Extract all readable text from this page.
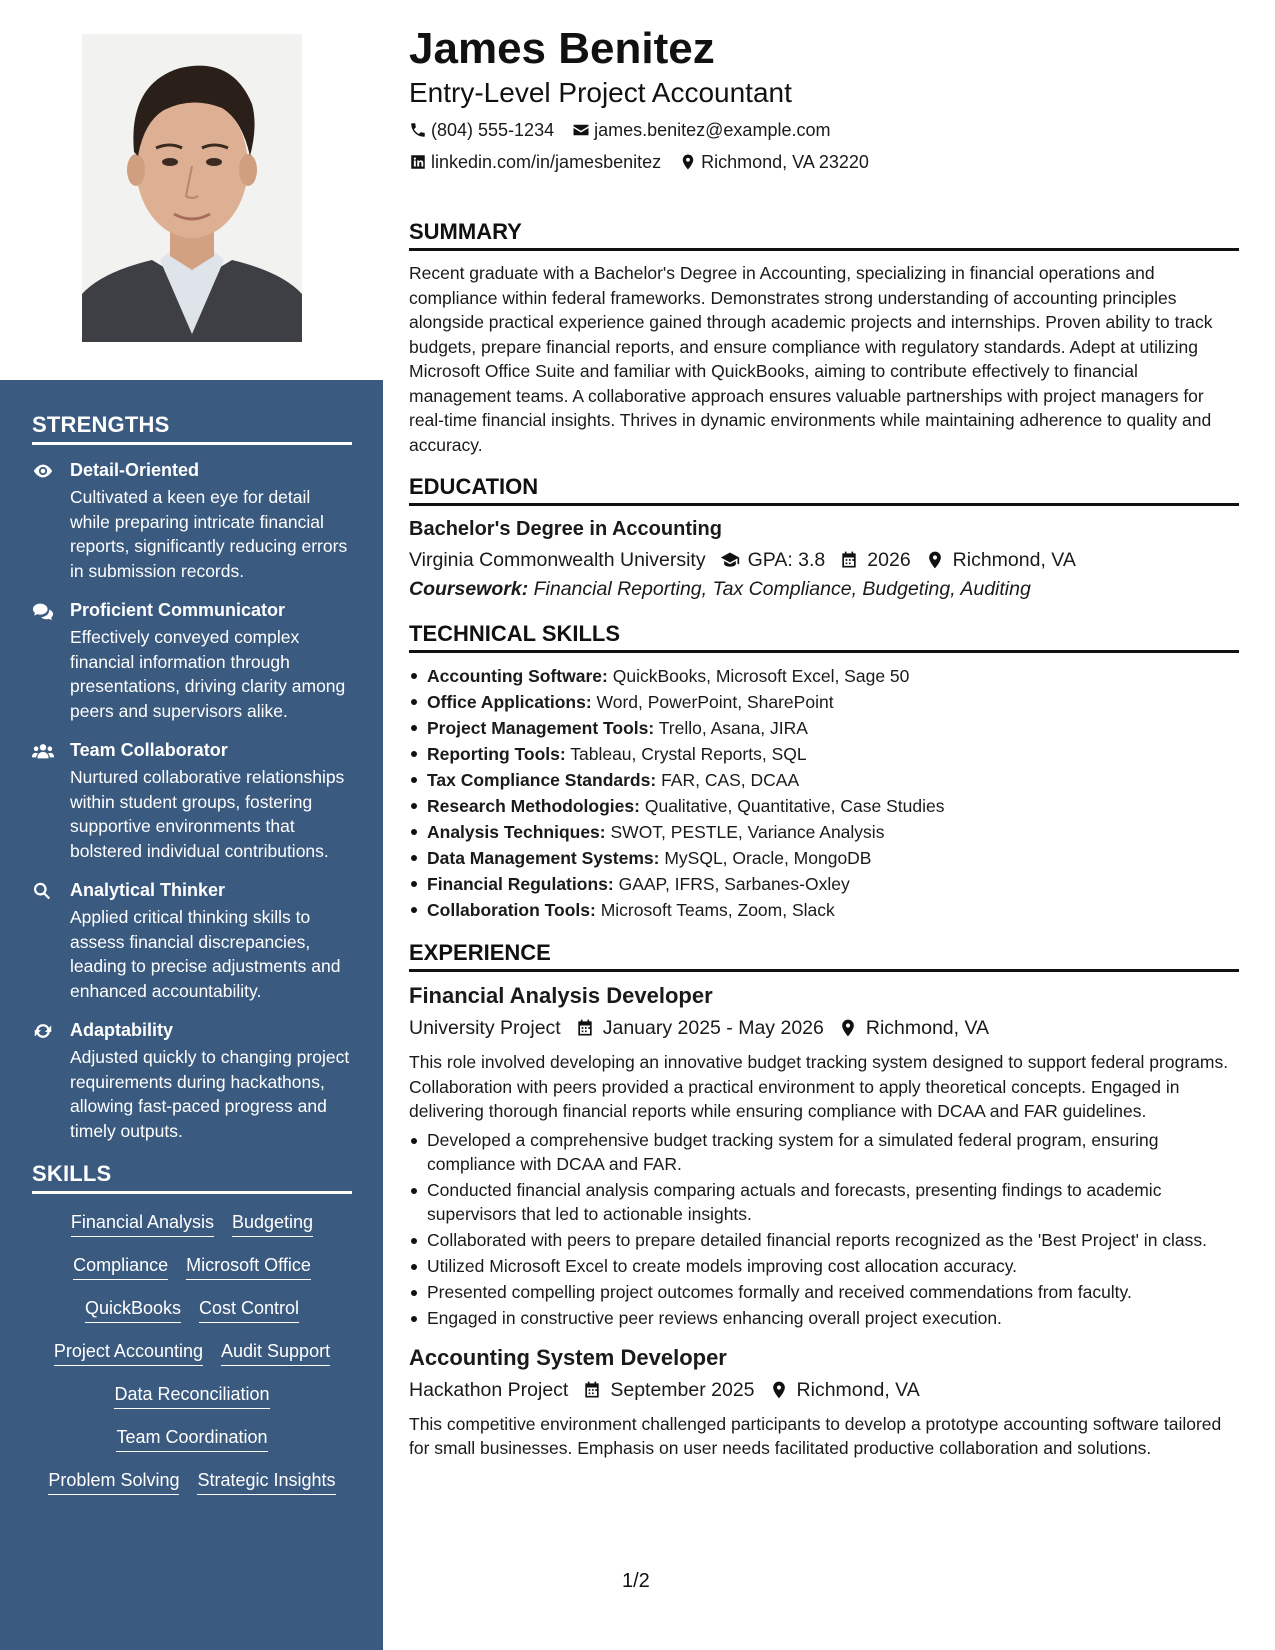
STRENGTHS
Detail-Oriented
Cultivated a keen eye for detail while preparing intricate financial reports, significantly reducing errors in submission records.
Proficient Communicator
Effectively conveyed complex financial information through presentations, driving clarity among peers and supervisors alike.
Team Collaborator
Nurtured collaborative relationships within student groups, fostering supportive environments that bolstered individual contributions.
Analytical Thinker
Applied critical thinking skills to assess financial discrepancies, leading to precise adjustments and enhanced accountability.
Adaptability
Adjusted quickly to changing project requirements during hackathons, allowing fast-paced progress and timely outputs.
SKILLS
Financial Analysis Budgeting
Compliance Microsoft Office
QuickBooks Cost Control
Project Accounting Audit Support
Data Reconciliation
Team Coordination
Problem Solving Strategic Insights
James Benitez
Entry-Level Project Accountant
(804) 555-1234 james.benitez@example.com
linkedin.com/in/jamesbenitez Richmond, VA 23220
SUMMARY
Recent graduate with a Bachelor's Degree in Accounting, specializing in financial operations and compliance within federal frameworks. Demonstrates strong understanding of accounting principles alongside practical experience gained through academic projects and internships. Proven ability to track budgets, prepare financial reports, and ensure compliance with regulatory standards. Adept at utilizing Microsoft Office Suite and familiar with QuickBooks, aiming to contribute effectively to financial management teams. A collaborative approach ensures valuable partnerships with project managers for real-time financial insights. Thrives in dynamic environments while maintaining adherence to quality and accuracy.
EDUCATION
Bachelor's Degree in Accounting
Virginia Commonwealth University GPA: 3.8 2026 Richmond, VA
Coursework: Financial Reporting, Tax Compliance, Budgeting, Auditing
TECHNICAL SKILLS
Accounting Software: QuickBooks, Microsoft Excel, Sage 50
Office Applications: Word, PowerPoint, SharePoint
Project Management Tools: Trello, Asana, JIRA
Reporting Tools: Tableau, Crystal Reports, SQL
Tax Compliance Standards: FAR, CAS, DCAA
Research Methodologies: Qualitative, Quantitative, Case Studies
Analysis Techniques: SWOT, PESTLE, Variance Analysis
Data Management Systems: MySQL, Oracle, MongoDB
Financial Regulations: GAAP, IFRS, Sarbanes-Oxley
Collaboration Tools: Microsoft Teams, Zoom, Slack
EXPERIENCE
Financial Analysis Developer
University Project January 2025 - May 2026 Richmond, VA
This role involved developing an innovative budget tracking system designed to support federal programs. Collaboration with peers provided a practical environment to apply theoretical concepts. Engaged in delivering thorough financial reports while ensuring compliance with DCAA and FAR guidelines.
Developed a comprehensive budget tracking system for a simulated federal program, ensuring compliance with DCAA and FAR.
Conducted financial analysis comparing actuals and forecasts, presenting findings to academic supervisors that led to actionable insights.
Collaborated with peers to prepare detailed financial reports recognized as the 'Best Project' in class.
Utilized Microsoft Excel to create models improving cost allocation accuracy.
Presented compelling project outcomes formally and received commendations from faculty.
Engaged in constructive peer reviews enhancing overall project execution.
Accounting System Developer
Hackathon Project September 2025 Richmond, VA
This competitive environment challenged participants to develop a prototype accounting software tailored for small businesses. Emphasis on user needs facilitated productive collaboration and solutions.
1/2
